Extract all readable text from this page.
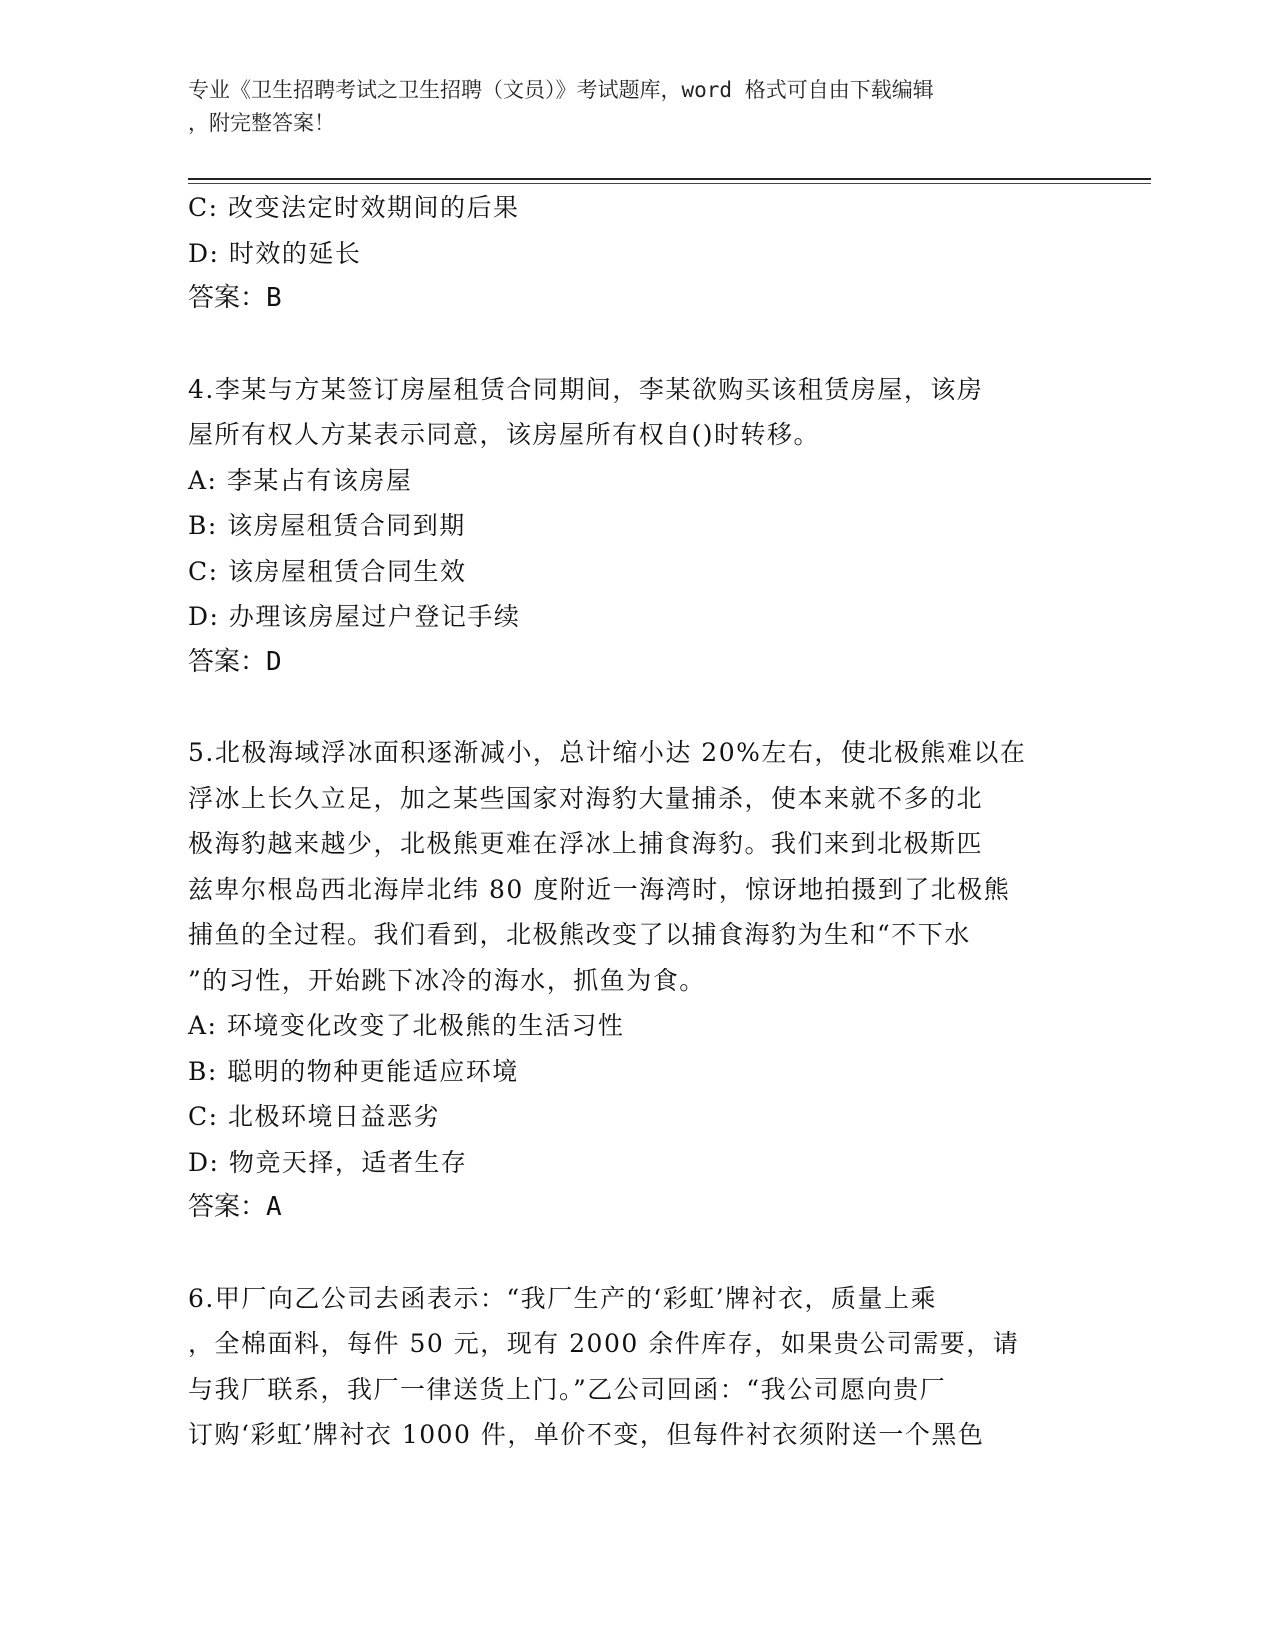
专业《卫生招聘考试之卫生招聘（文员）》考试题库，word 格式可自由下载编辑
，附完整答案！
C: 改变法定时效期间的后果
D: 时效的延长
答案：B
4.李某与方某签订房屋租赁合同期间，李某欲购买该租赁房屋，该房
屋所有权人方某表示同意，该房屋所有权自()时转移。
A: 李某占有该房屋
B: 该房屋租赁合同到期
C: 该房屋租赁合同生效
D: 办理该房屋过户登记手续
答案：D
5.北极海域浮冰面积逐渐减小，总计缩小达 20%左右，使北极熊难以在
浮冰上长久立足，加之某些国家对海豹大量捕杀，使本来就不多的北
极海豹越来越少，北极熊更难在浮冰上捕食海豹。我们来到北极斯匹
兹卑尔根岛西北海岸北纬 80 度附近一海湾时，惊讶地拍摄到了北极熊
捕鱼的全过程。我们看到，北极熊改变了以捕食海豹为生和“不下水
”的习性，开始跳下冰冷的海水，抓鱼为食。
A: 环境变化改变了北极熊的生活习性
B: 聪明的物种更能适应环境
C: 北极环境日益恶劣
D: 物竞天择，适者生存
答案：A
6.甲厂向乙公司去函表示：“我厂生产的‘彩虹’牌衬衣，质量上乘
，全棉面料，每件 50 元，现有 2000 余件库存，如果贵公司需要，请
与我厂联系，我厂一律送货上门。”乙公司回函：“我公司愿向贵厂
订购‘彩虹’牌衬衣 1000 件，单价不变，但每件衬衣须附送一个黑色
